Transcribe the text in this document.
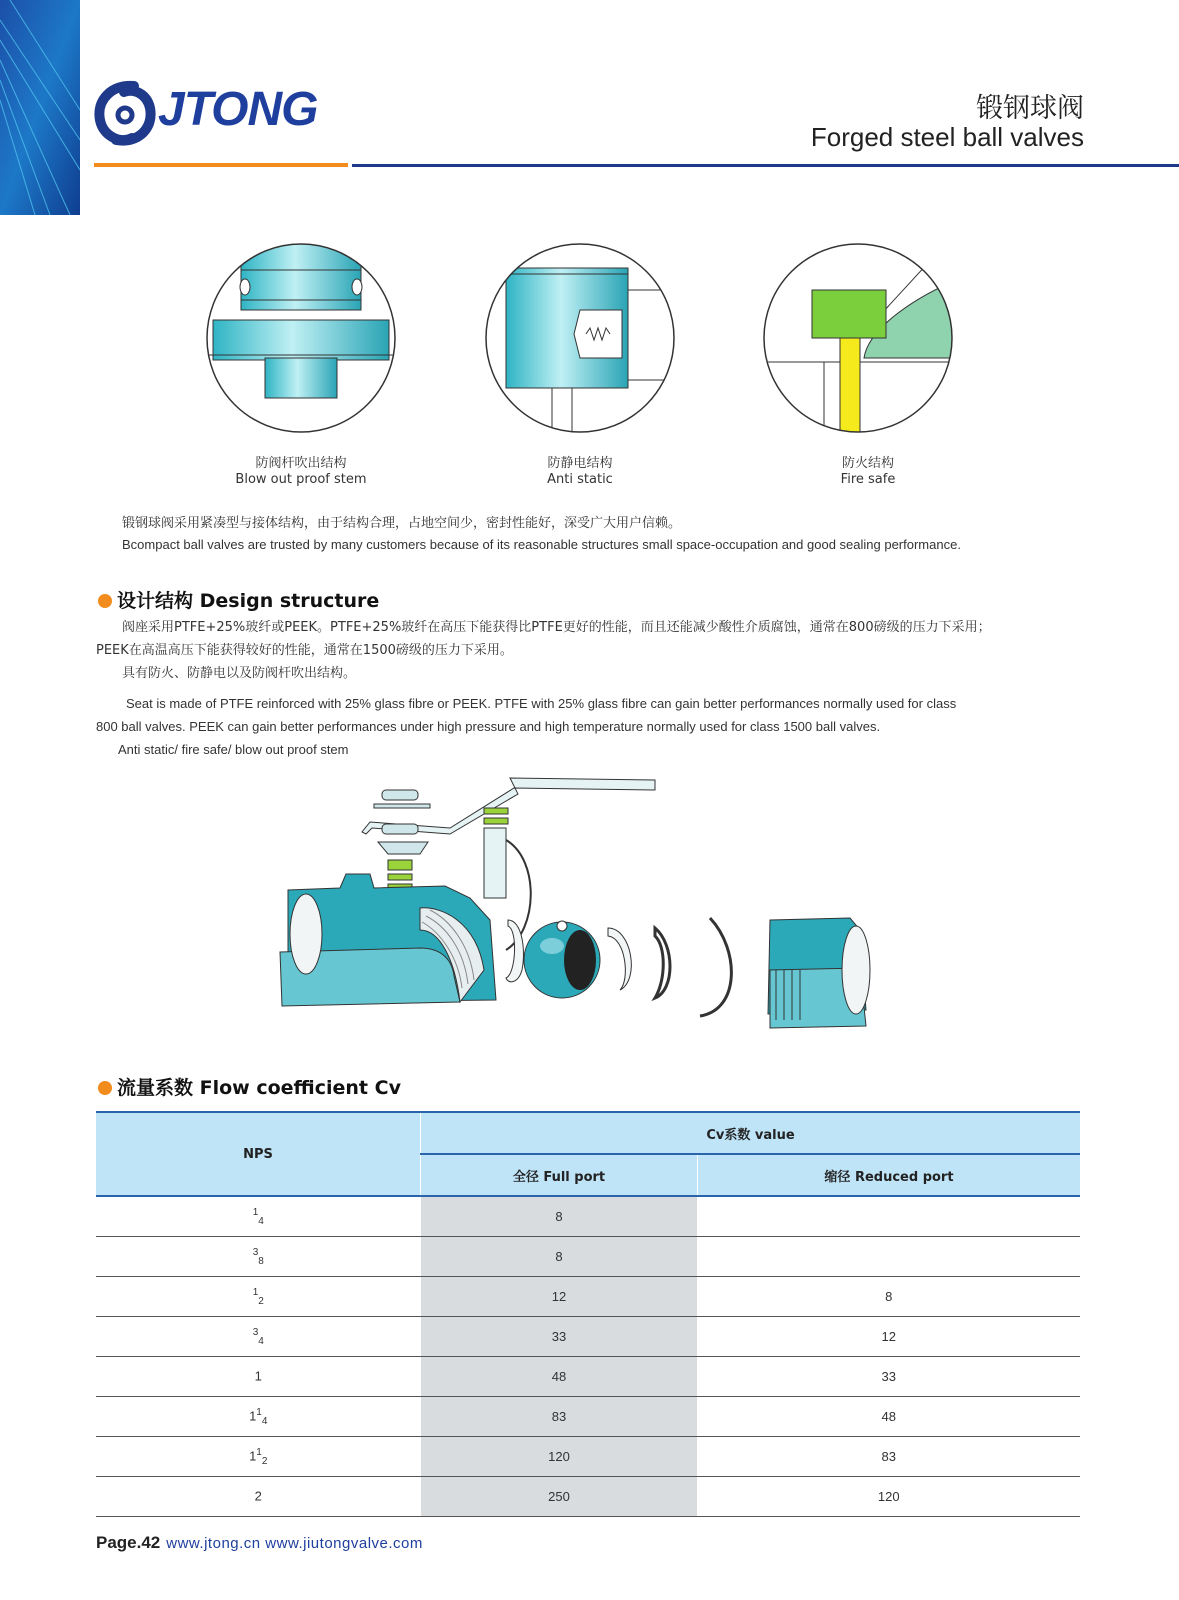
JTONG	锻钢球阀
Forged steel ball valves
防阀杆吹出结构
Blow out proof stem
防静电结构
Anti static
防火结构
Fire safe
锻钢球阀采用紧凑型与接体结构，由于结构合理，占地空间少，密封性能好，深受广大用户信赖。
Bcompact ball valves are trusted by many customers because of its reasonable structures small space-occupation and good sealing performance.
设计结构 Design structure
阀座采用PTFE+25%玻纤或PEEK。PTFE+25%玻纤在高压下能获得比PTFE更好的性能，而且还能减少酸性介质腐蚀，通常在800磅级的压力下采用；
PEEK在高温高压下能获得较好的性能，通常在1500磅级的压力下采用。
具有防火、防静电以及防阀杆吹出结构。
Seat is made of PTFE reinforced with 25% glass fibre or PEEK. PTFE with 25% glass fibre can gain better performances normally used for class
800 ball valves. PEEK can gain better performances under high pressure and high temperature normally used for class 1500 ball valves.
Anti static/ fire safe/ blow out proof stem
流量系数 Flow coefficient Cv
NPS	Cv系数 value	
	全径 Full port	缩径 Reduced port
$^1_4$	8	
$^3_8$	8	
$^1_2$	12	8
$^3_4$	33	12
1	48	33
$1^1_4$	83	48
$1^1_2$	120	83
2	250	120
Page.42 www.jtong.cn www.jiutongvalve.com
